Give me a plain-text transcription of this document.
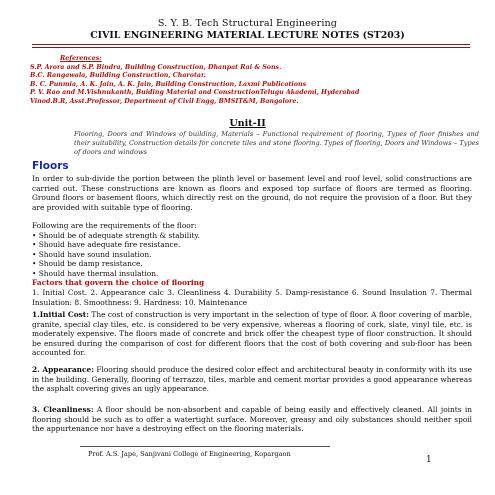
S. Y. B. Tech Structural Engineering
CIVIL ENGINEERING MATERIAL LECTURE NOTES (ST203)
References:
S.P. Arora and S.P. Bindra, Building Construction, Dhanpat Rai & Sons.
B.C. Rangawala, Building Construction, Charotar.
B. C. Punmia, A. K. Jain, A. K. Jain, Building Construction, Laxmi Publications
P. V. Rao and M.Vishnukanth, Buiding Material and ConstructionTelugu Akademi, Hyderabad
Vinod.B.R, Asst.Professor, Department of Civil Engg, BMSIT&M, Bangalore.
Unit-II
Flooring, Doors and Windows of building, Materials – Functional requirement of flooring, Types of floor finishes and their suitability, Construction details for concrete tiles and stone flooring. Types of flooring, Doors and Windows – Types of doors and windows
Floors
In order to sub-divide the portion between the plinth level or basement level and roof level, solid constructions are carried out. These constructions are known as floors and exposed top surface of floors are termed as flooring. Ground floors or basement floors, which directly rest on the ground, do not require the provision of a floor. But they are provided with suitable type of flooring.
Following are the requirements of the floor:
• Should be of adequate strength & stability.
• Should have adequate fire resistance.
• Should have sound insulation.
• Should be damp resistance.
• Should have thermal insulation.
Factors that govern the choice of flooring
1. Initial Cost. 2. Appearance calc 3. Cleanliness 4. Durability 5. Damp-resistance 6. Sound Insulation 7. Thermal Insulation: 8. Smoothness: 9. Hardness: 10. Maintenance
1.Initial Cost: The cost of construction is very important in the selection of type of floor. A floor covering of marble, granite, special clay tiles, etc. is considered to be very expensive, whereas a flooring of cork, slate, vinyl tile, etc. is moderately expensive. The floors made of concrete and brick offer the cheapest type of floor construction. It should be ensured during the comparison of cost for different floors that the cost of both covering and sub-floor has been accounted for.
2. Appearance: Flooring should produce the desired color effect and architectural beauty in conformity with its use in the building. Generally, flooring of terrazzo, tiles, marble and cement mortar provides a good appearance whereas the asphalt covering gives an ugly appearance.
3. Cleanliness: A floor should be non-absorbent and capable of being easily and effectively cleaned. All joints in flooring should be such as to offer a watertight surface. Moreover, greasy and oily substances should neither spoil the appurtenance nor have a destroying effect on the flooring materials.
Prof. A.S. Jape, Sanjivani College of Engineering, Kopargaon
1
